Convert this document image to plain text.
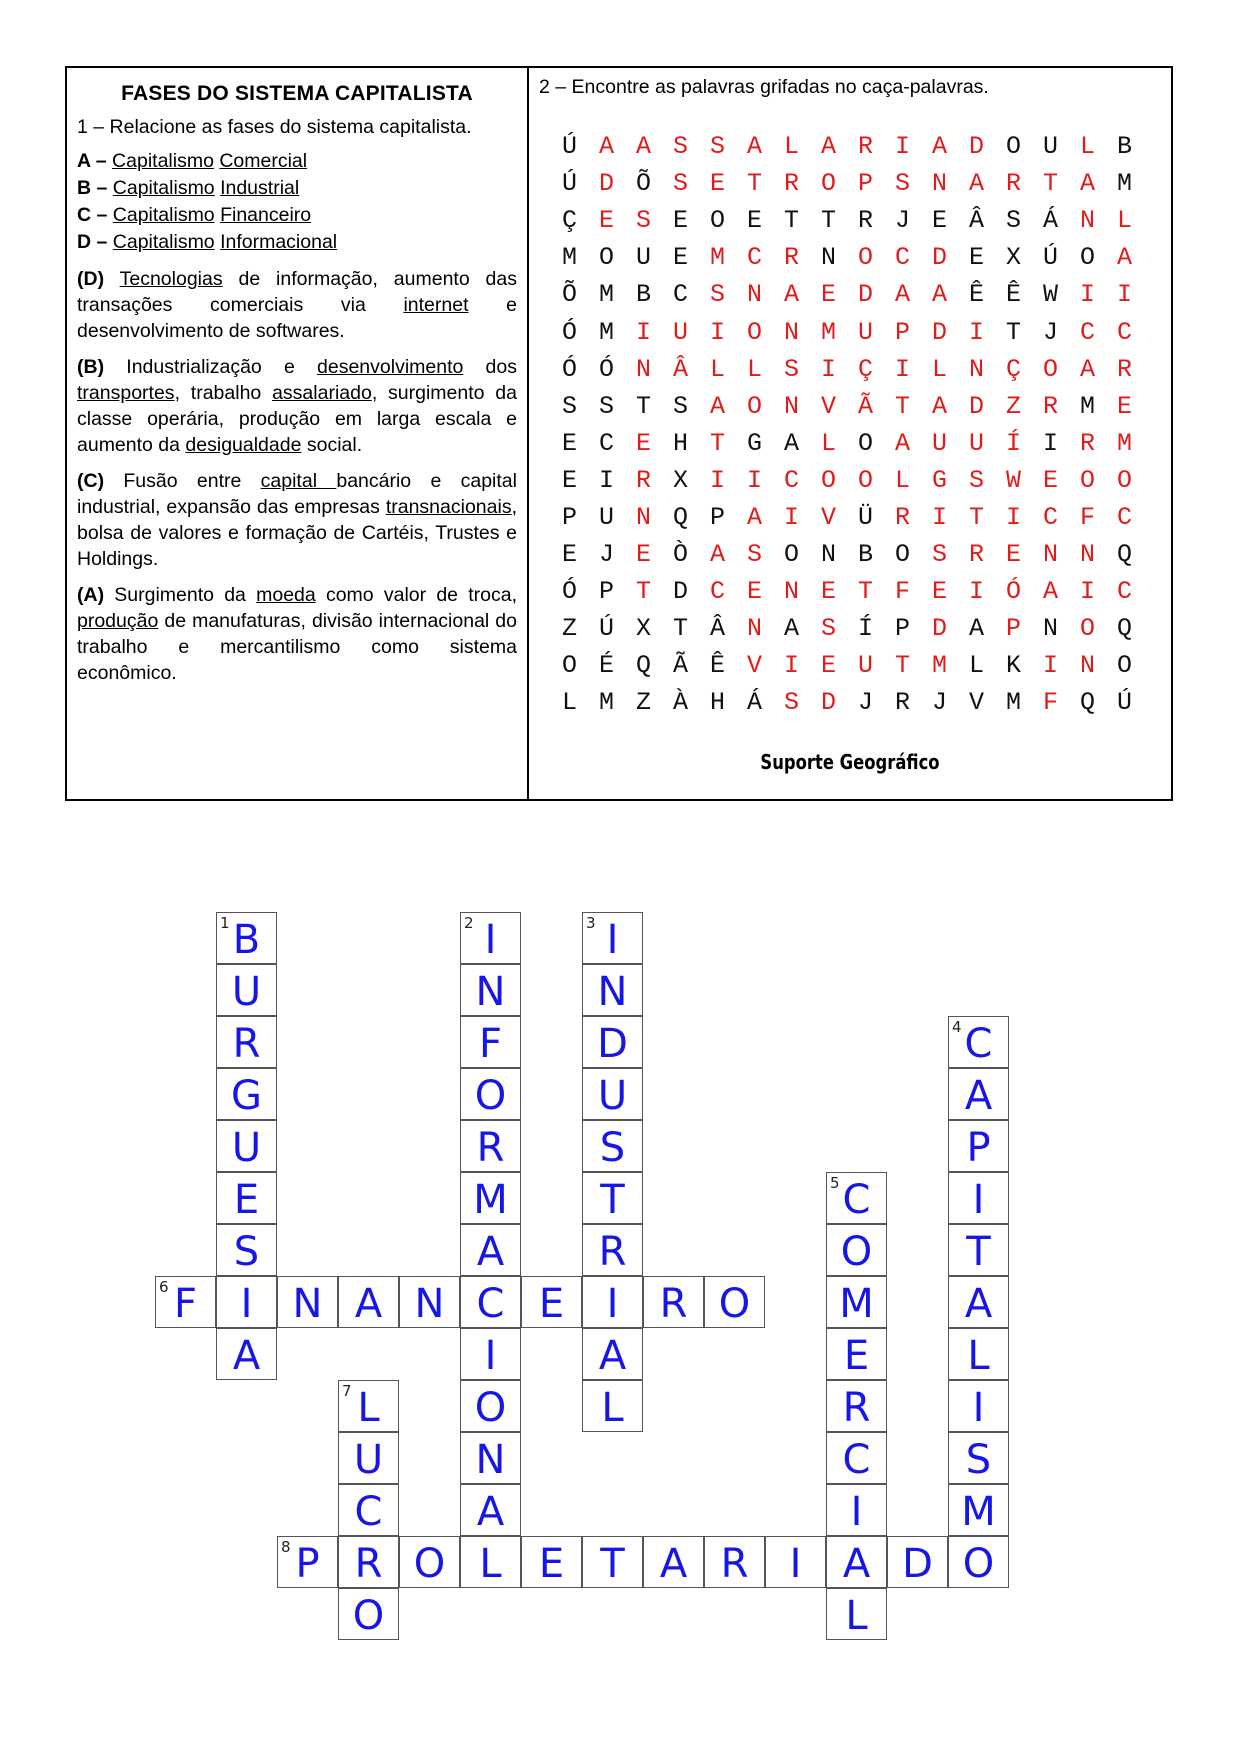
FASES DO SISTEMA CAPITALISTA

1 – Relacione as fases do sistema capitalista.

A – Capitalismo Comercial
B – Capitalismo Industrial
C – Capitalismo Financeiro
D – Capitalismo Informacional

(D) Tecnologias de informação, aumento das transações comerciais via internet e desenvolvimento de softwares.

(B) Industrialização e desenvolvimento dos transportes, trabalho assalariado, surgimento da classe operária, produção em larga escala e aumento da desigualdade social.

(C) Fusão entre capital bancário e capital industrial, expansão das empresas transnacionais, bolsa de valores e formação de Cartéis, Trustes e Holdings.

(A) Surgimento da moeda como valor de troca, produção de manufaturas, divisão internacional do trabalho e mercantilismo como sistema econômico.

2 – Encontre as palavras grifadas no caça-palavras.
Ú A A S S A L A R I A D O U L B
Ú D Õ S E T R O P S N A R T A M
Ç E S E O E T T R J E Â S Á N L
M O U E M C R N O C D E X Ú O A
Õ M B C S N A E D A A Ê Ê W I I
Ó M I U I O N M U P D I T J C C
Ó Ó N Â L L S I Ç I L N Ç O A R
S S T S A O N V Ã T A D Z R M E
E C E H T G A L O A U U Í I R M
E I R X I I C O O L G S W E O O
P U N Q P A I V Ü R I T I C F C
E J E Ò A S O N B O S R E N N Q
Ó P T D C E N E T F E I Ó A I C
Z Ú X T Â N A S Í P D A P N O Q
O É Q Ã Ê V I E U T M L K I N O
L M Z À H Á S D J R J V M F Q Ú
Suporte Geográfico
B
1
U
R
G
U
E
S
I
A
I
2
N
F
O
R
M
A
C
I
O
N
A
L
I
3
N
D
U
S
T
R
I
A
L
C
4
A
P
I
T
A
L
I
S
M
O
C
5
O
M
E
R
C
I
A
L
F
6	N A N	E	R O
L
7
U
C
R
O
P
8	O	E T A R	I	D
